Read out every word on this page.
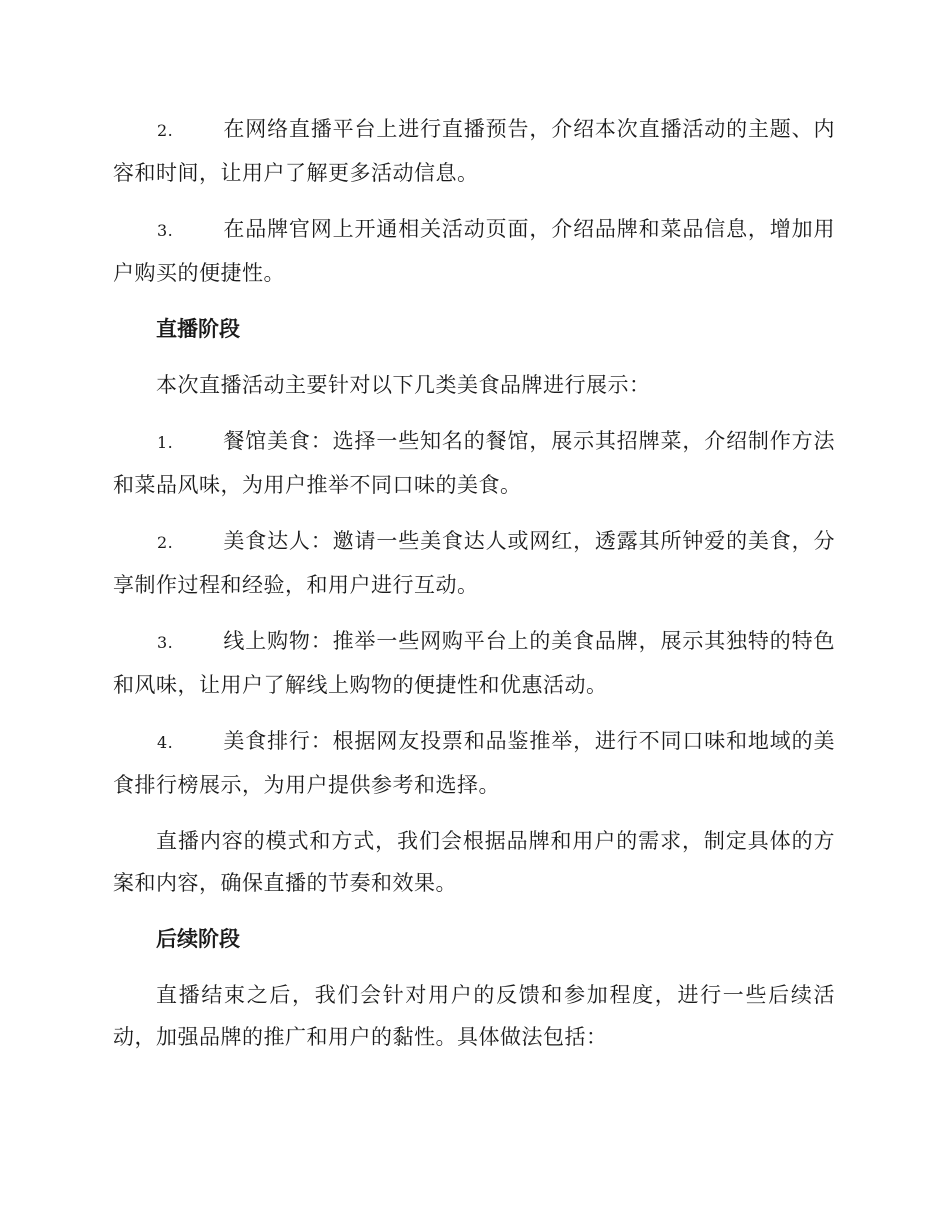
2. 在网络直播平台上进行直播预告，介绍本次直播活动的主题、内容和时间，让用户了解更多活动信息。

3. 在品牌官网上开通相关活动页面，介绍品牌和菜品信息，增加用户购买的便捷性。

直播阶段

本次直播活动主要针对以下几类美食品牌进行展示：

1. 餐馆美食：选择一些知名的餐馆，展示其招牌菜，介绍制作方法和菜品风味，为用户推举不同口味的美食。

2. 美食达人：邀请一些美食达人或网红，透露其所钟爱的美食，分享制作过程和经验，和用户进行互动。

3. 线上购物：推举一些网购平台上的美食品牌，展示其独特的特色和风味，让用户了解线上购物的便捷性和优惠活动。

4. 美食排行：根据网友投票和品鉴推举，进行不同口味和地域的美食排行榜展示，为用户提供参考和选择。

直播内容的模式和方式，我们会根据品牌和用户的需求，制定具体的方案和内容，确保直播的节奏和效果。

后续阶段

直播结束之后，我们会针对用户的反馈和参加程度，进行一些后续活动，加强品牌的推广和用户的黏性。具体做法包括：
